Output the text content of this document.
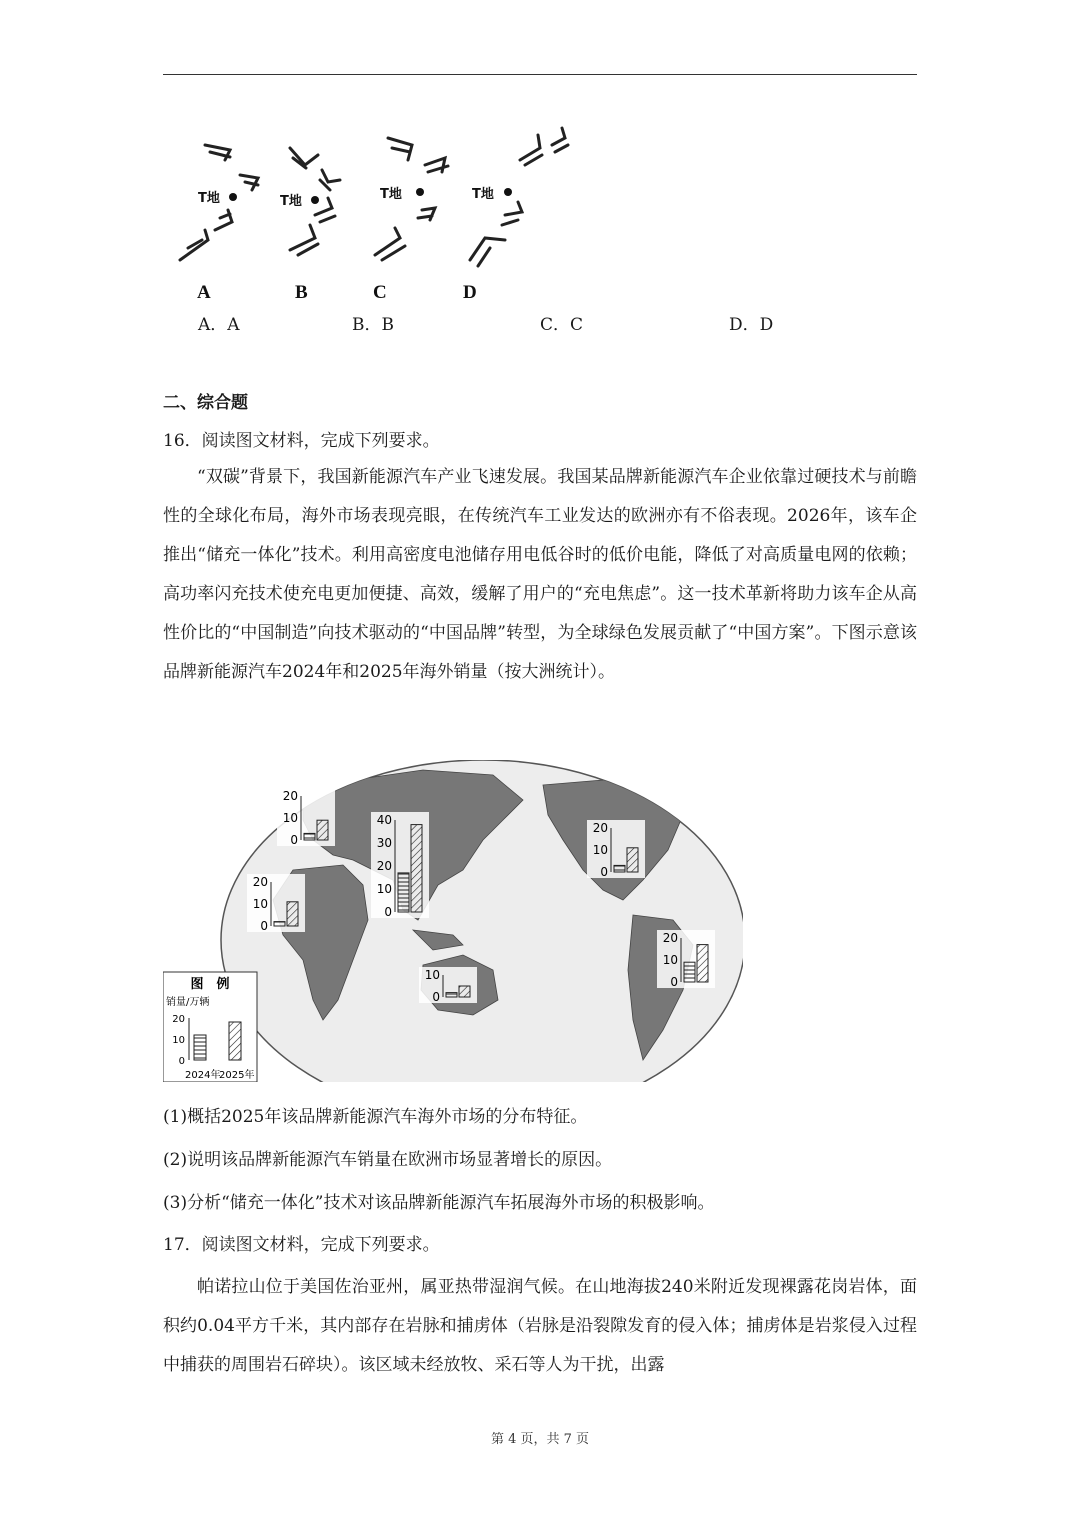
T地	T地	T地	T地
A	B	C	D
A．A	B．B	C．C	D．D
二、综合题
16．阅读图文材料，完成下列要求。

“双碳”背景下，我国新能源汽车产业飞速发展。我国某品牌新能源汽车企业依靠过硬技术与前瞻性的全球化布局，海外市场表现亮眼，在传统汽车工业发达的欧洲亦有不俗表现。2026年，该车企推出“储充一体化”技术。利用高密度电池储存用电低谷时的低价电能，降低了对高质量电网的依赖；高功率闪充技术使充电更加便捷、高效，缓解了用户的“充电焦虑”。这一技术革新将助力该车企从高性价比的“中国制造”向技术驱动的“中国品牌”转型，为全球绿色发展贡献了“中国方案”。下图示意该品牌新能源汽车2024年和2025年海外销量（按大洲统计）。

20
10
0
40
30
20
10
0
20
10
0
20
10
0
20
10
0
10
0
图　例
销量/万辆
20
10
0
2024年
2025年
(1)概括2025年该品牌新能源汽车海外市场的分布特征。
(2)说明该品牌新能源汽车销量在欧洲市场显著增长的原因。
(3)分析“储充一体化”技术对该品牌新能源汽车拓展海外市场的积极影响。
17．阅读图文材料，完成下列要求。

帕诺拉山位于美国佐治亚州，属亚热带湿润气候。在山地海拔240米附近发现裸露花岗岩体，面积约0.04平方千米，其内部存在岩脉和捕虏体（岩脉是沿裂隙发育的侵入体；捕虏体是岩浆侵入过程中捕获的周围岩石碎块）。该区域未经放牧、采石等人为干扰，出露

第 4 页，共 7 页
